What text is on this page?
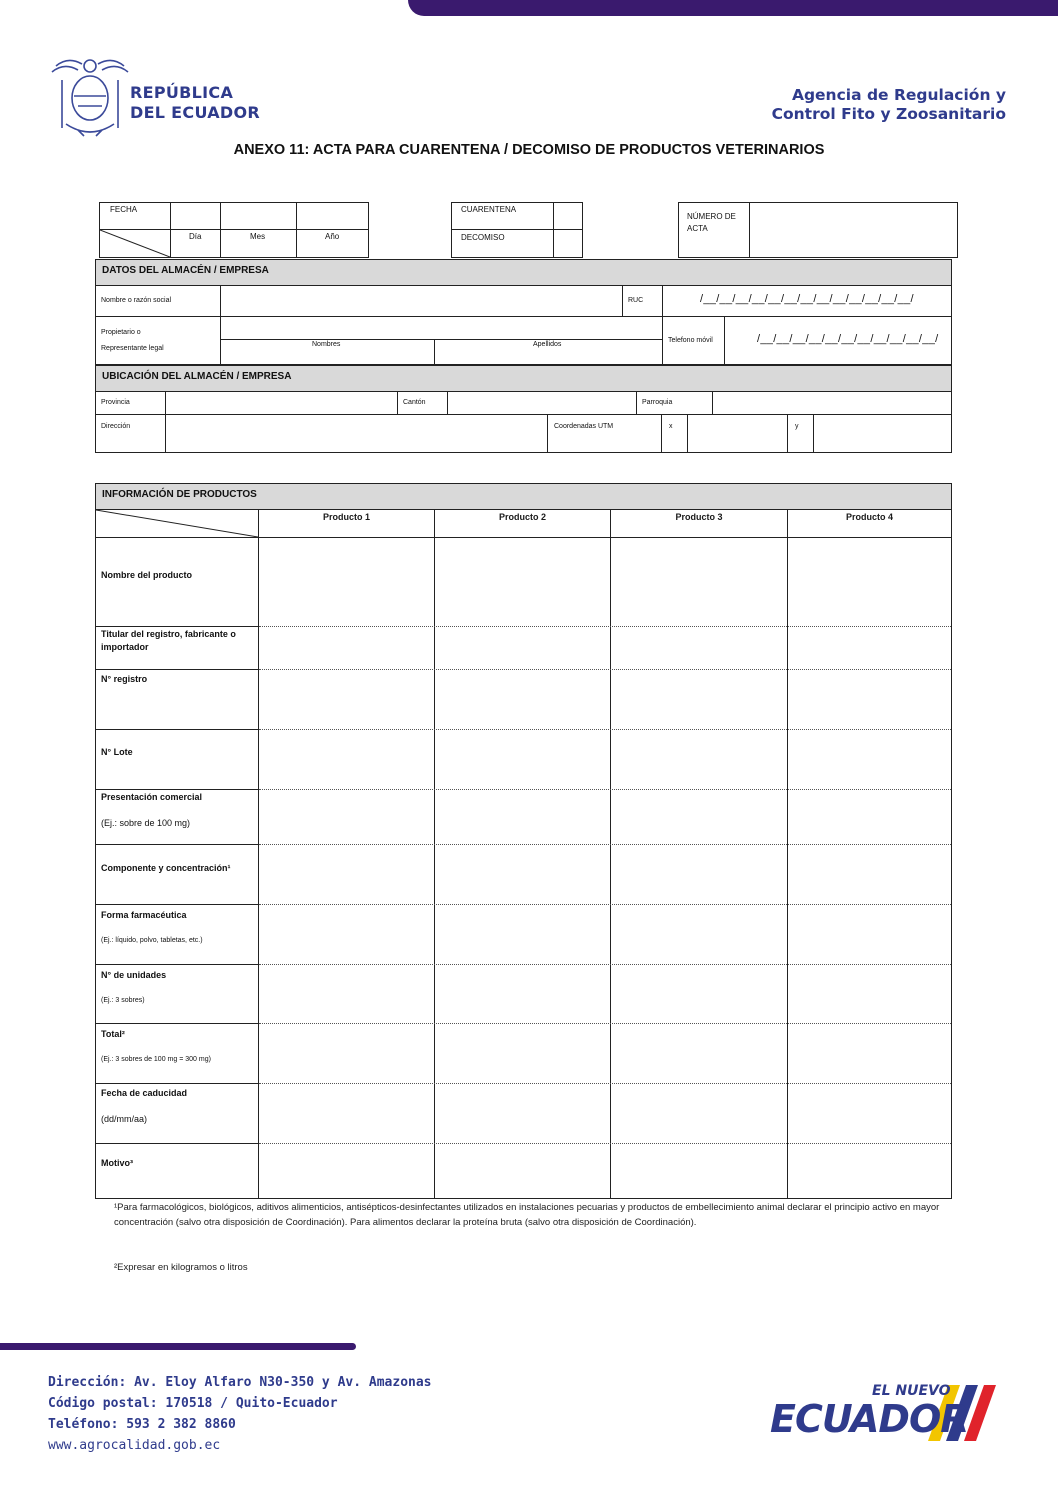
REPÚBLICA
DEL ECUADOR
Agencia de Regulación y
Control Fito y Zoosanitario
ANEXO 11: ACTA PARA CUARENTENA / DECOMISO DE PRODUCTOS VETERINARIOS
FECHA
Día	Mes	Año
CUARENTENA
DECOMISO
NÚMERO DE
ACTA
DATOS DEL ALMACÉN / EMPRESA
Nombre o razón social	RUC	/__/__/__/__/__/__/__/__/__/__/__/__/__/
Propietario o
Representante legal
Nombres	Apellidos
Telefono móvil	/__/__/__/__/__/__/__/__/__/__/__/
UBICACIÓN DEL ALMACÉN / EMPRESA
Provincia	Cantón	Parroquia
Dirección	Coordenadas UTM	x	y
INFORMACIÓN DE PRODUCTOS
Producto 1	Producto 2	Producto 3	Producto 4
Nombre del producto
Titular del registro, fabricante o importador
N° registro
N° Lote
Presentación comercial
(Ej.: sobre de 100 mg)
Componente y concentración¹
Forma farmacéutica
(Ej.: líquido, polvo, tabletas, etc.)
N° de unidades
(Ej.: 3 sobres)
Total²
(Ej.: 3 sobres de 100 mg = 300 mg)
Fecha de caducidad
(dd/mm/aa)
Motivo³
¹Para farmacológicos, biológicos, aditivos alimenticios, antisépticos-desinfectantes utilizados en instalaciones pecuarias y productos de embellecimiento animal declarar el principio activo en mayor concentración (salvo otra disposición de Coordinación). Para alimentos declarar la proteína bruta (salvo otra disposición de Coordinación).
²Expresar en kilogramos o litros
Dirección: Av. Eloy Alfaro N30-350 y Av. Amazonas
Código postal: 170518 / Quito-Ecuador
Teléfono: 593 2 382 8860
www.agrocalidad.gob.ec
EL NUEVO
ECUADOR
